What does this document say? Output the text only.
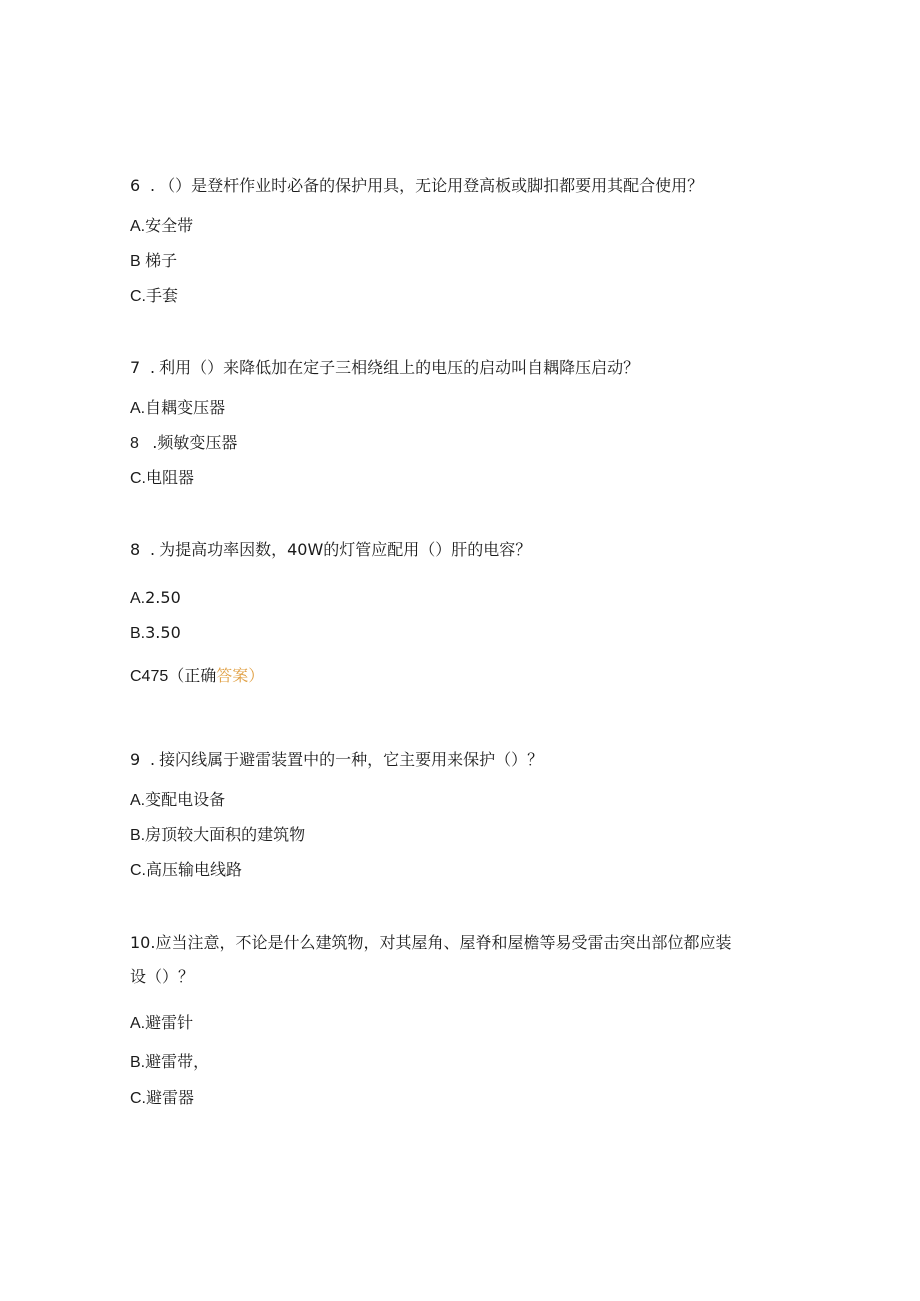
6 . （）是登杆作业时必备的保护用具，无论用登高板或脚扣都要用其配合使用？
A.安全带
B 梯子
C.手套
7 . 利用（）来降低加在定子三相绕组上的电压的启动叫自耦降压启动？
A.自耦变压器
8   .频敏变压器
C.电阻器
8 . 为提高功率因数，40W的灯管应配用（）肝的电容？
A.2.50
B.3.50
C475（正确答案）
9 . 接闪线属于避雷装置中的一种，它主要用来保护（）？
A.变配电设备
B.房顶较大面积的建筑物
C.高压输电线路
10.应当注意，不论是什么建筑物，对其屋角、屋脊和屋檐等易受雷击突出部位都应装
设（）？
A.避雷针
B.避雷带，
C.避雷器
